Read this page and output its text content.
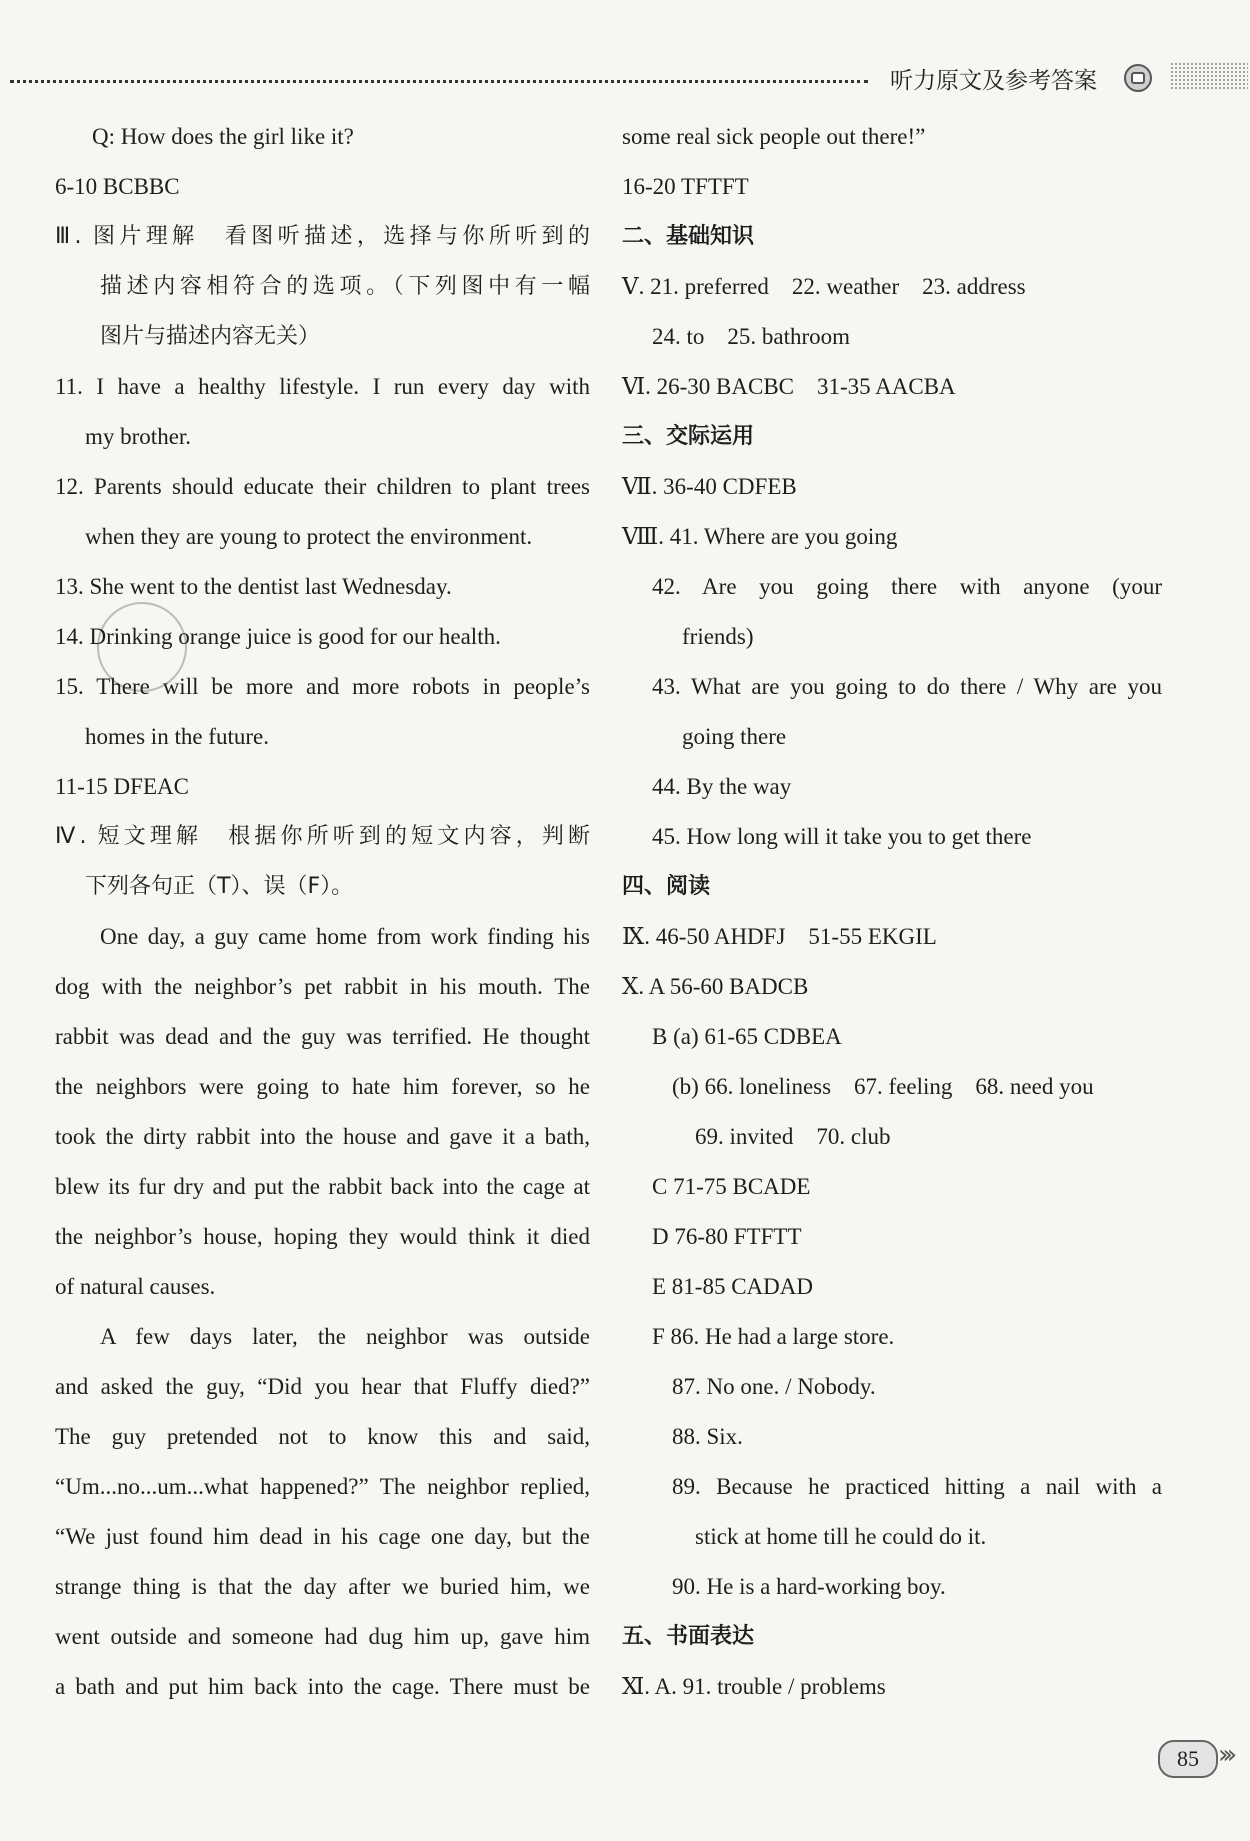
听力原文及参考答案
Q: How does the girl like it?
6-10 BCBBC
Ⅲ. 图片理解　看图听描述，选择与你所听到的
描述内容相符合的选项。（下列图中有一幅
图片与描述内容无关）
11. I have a healthy lifestyle. I run every day with
my brother.
12. Parents should educate their children to plant trees
when they are young to protect the environment.
13. She went to the dentist last Wednesday.
14. Drinking orange juice is good for our health.
15. There will be more and more robots in people’s
homes in the future.
11-15 DFEAC
Ⅳ. 短文理解　根据你所听到的短文内容，判断
下列各句正（T）、误（F）。
One day, a guy came home from work finding his
dog with the neighbor’s pet rabbit in his mouth. The
rabbit was dead and the guy was terrified. He thought
the neighbors were going to hate him forever, so he
took the dirty rabbit into the house and gave it a bath,
blew its fur dry and put the rabbit back into the cage at
the neighbor’s house, hoping they would think it died
of natural causes.
A few days later, the neighbor was outside
and asked the guy, “Did you hear that Fluffy died?”
The guy pretended not to know this and said,
“Um...no...um...what happened?” The neighbor replied,
“We just found him dead in his cage one day, but the
strange thing is that the day after we buried him, we
went outside and someone had dug him up, gave him
a bath and put him back into the cage. There must be
some real sick people out there!”
16-20 TFTFT
二、基础知识
Ⅴ. 21. preferred　22. weather　23. address
24. to　25. bathroom
Ⅵ. 26-30 BACBC　31-35 AACBA
三、交际运用
Ⅶ. 36-40 CDFEB
Ⅷ. 41. Where are you going
42. Are you going there with anyone (your
friends)
43. What are you going to do there / Why are you
going there
44. By the way
45. How long will it take you to get there
四、阅读
Ⅸ. 46-50 AHDFJ　51-55 EKGIL
Ⅹ. A 56-60 BADCB
B (a) 61-65 CDBEA
(b) 66. loneliness　67. feeling　68. need you
69. invited　70. club
C 71-75 BCADE
D 76-80 FTFTT
E 81-85 CADAD
F 86. He had a large store.
87. No one. / Nobody.
88. Six.
89. Because he practiced hitting a nail with a
stick at home till he could do it.
90. He is a hard-working boy.
五、书面表达
Ⅺ. A. 91. trouble / problems
85 ›››
